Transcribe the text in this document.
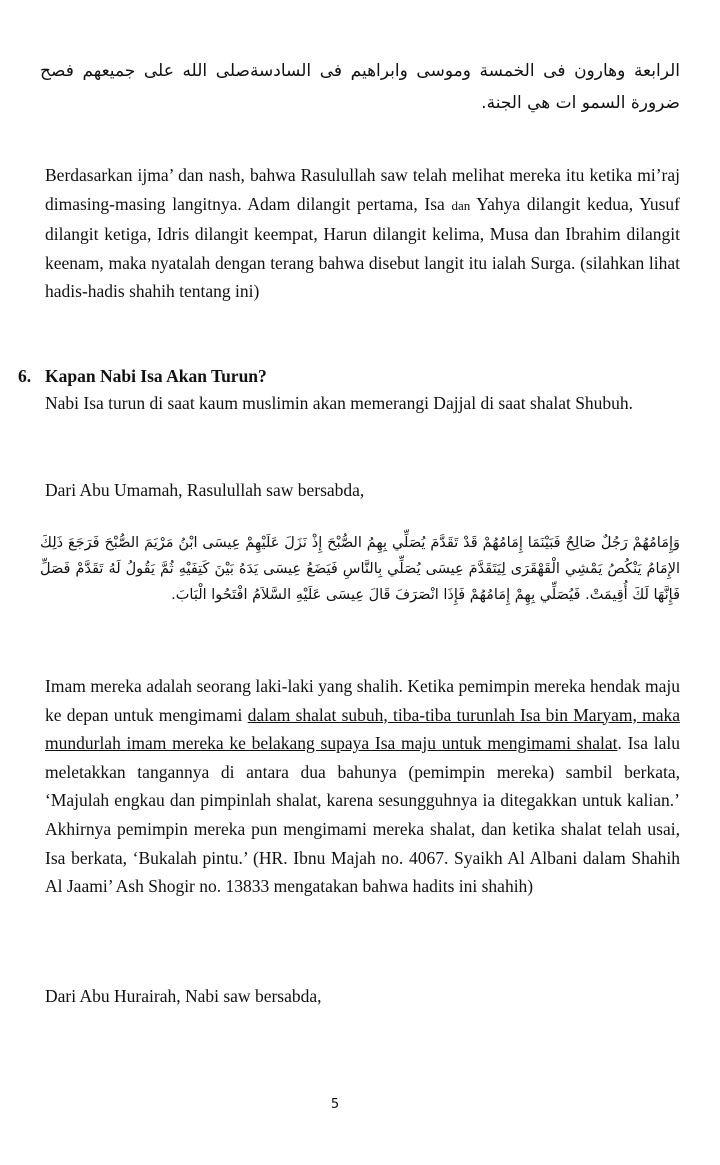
الرابعة وهارون فى الخمسة وموسى وابراهيم فى السادسةصلى الله على جميعهم فصح ضرورة السمو ات هي الجنة.

Berdasarkan ijma’ dan nash, bahwa Rasulullah saw telah melihat mereka itu ketika mi’raj dimasing-masing langitnya. Adam dilangit pertama, Isa dan Yahya dilangit kedua, Yusuf dilangit ketiga, Idris dilangit keempat, Harun dilangit kelima, Musa dan Ibrahim dilangit keenam, maka nyatalah dengan terang bahwa disebut langit itu ialah Surga. (silahkan lihat hadis-hadis shahih tentang ini)

6. Kapan Nabi Isa Akan Turun?

Nabi Isa turun di saat kaum muslimin akan memerangi Dajjal di saat shalat Shubuh.

Dari Abu Umamah, Rasulullah saw bersabda,

وَإِمَامُهُمْ رَجُلٌ صَالِحٌ فَبَيْنَمَا إِمَامُهُمْ قَدْ تَقَدَّمَ يُصَلِّي بِهِمُ الصُّبْحَ إِذْ نَزَلَ عَلَيْهِمْ عِيسَى ابْنُ مَرْيَمَ الصُّبْحَ فَرَجَعَ ذَلِكَ الإِمَامُ يَنْكُصُ يَمْشِي الْقَهْقَرَى لِيَتَقَدَّمَ عِيسَى يُصَلِّي بِالنَّاسِ فَيَضَعُ عِيسَى يَدَهُ بَيْنَ كَتِفَيْهِ ثُمَّ يَقُولُ لَهُ تَقَدَّمْ فَصَلِّ فَإِنَّهَا لَكَ أُقِيمَتْ. فَيُصَلِّي بِهِمْ إِمَامُهُمْ فَإِذَا انْصَرَفَ قَالَ عِيسَى عَلَيْهِ السَّلاَمُ افْتَحُوا الْبَابَ.

Imam mereka adalah seorang laki-laki yang shalih. Ketika pemimpin mereka hendak maju ke depan untuk mengimami dalam shalat subuh, tiba-tiba turunlah Isa bin Maryam, maka mundurlah imam mereka ke belakang supaya Isa maju untuk mengimami shalat. Isa lalu meletakkan tangannya di antara dua bahunya (pemimpin mereka) sambil berkata, ‘Majulah engkau dan pimpinlah shalat, karena sesungguhnya ia ditegakkan untuk kalian.’ Akhirnya pemimpin mereka pun mengimami mereka shalat, dan ketika shalat telah usai, Isa berkata, ‘Bukalah pintu.’ (HR. Ibnu Majah no. 4067. Syaikh Al Albani dalam Shahih Al Jaami’ Ash Shogir no. 13833 mengatakan bahwa hadits ini shahih)

Dari Abu Hurairah, Nabi saw bersabda,

5
